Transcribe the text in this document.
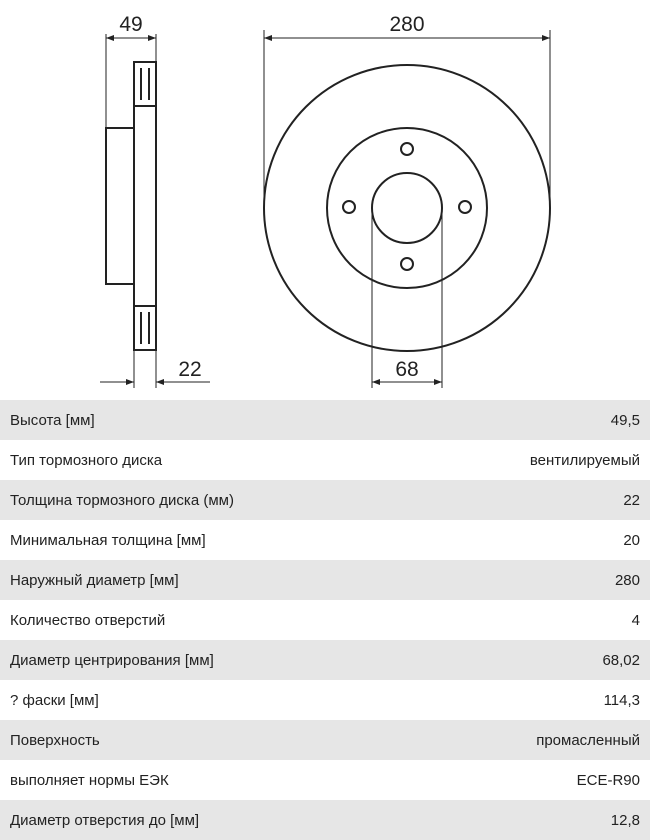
49	280
22	68
Высота [мм]	49,5
Тип тормозного диска	вентилируемый
Толщина тормозного диска (мм)	22
Минимальная толщина [мм]	20
Наружный диаметр [мм]	280
Количество отверстий	4
Диаметр центрирования [мм]	68,02
? фаски [мм]	114,3
Поверхность	промасленный
выполняет нормы ЕЭК	ECE-R90
Диаметр отверстия до [мм]	12,8
